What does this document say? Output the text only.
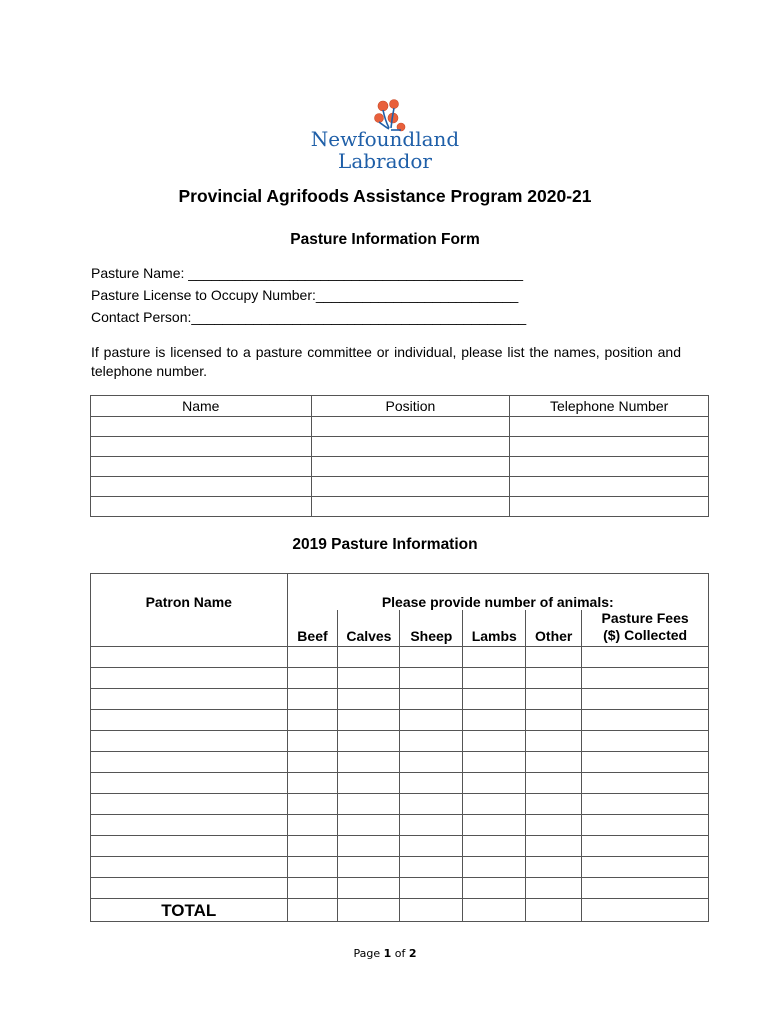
Newfoundland
Labrador
Provincial Agrifoods Assistance Program 2020-21
Pasture Information Form
Pasture Name: ___________________________________________
Pasture License to Occupy Number:__________________________
Contact Person:___________________________________________
If pasture is licensed to a pasture committee or individual, please list the names, position and telephone number.
Name	Position	Telephone Number

2019 Pasture Information
Patron Name	Please provide number of animals:					
	Beef	Calves	Sheep	Lambs	Other	Pasture Fees
($) Collected

TOTAL						
Page 1 of 2
